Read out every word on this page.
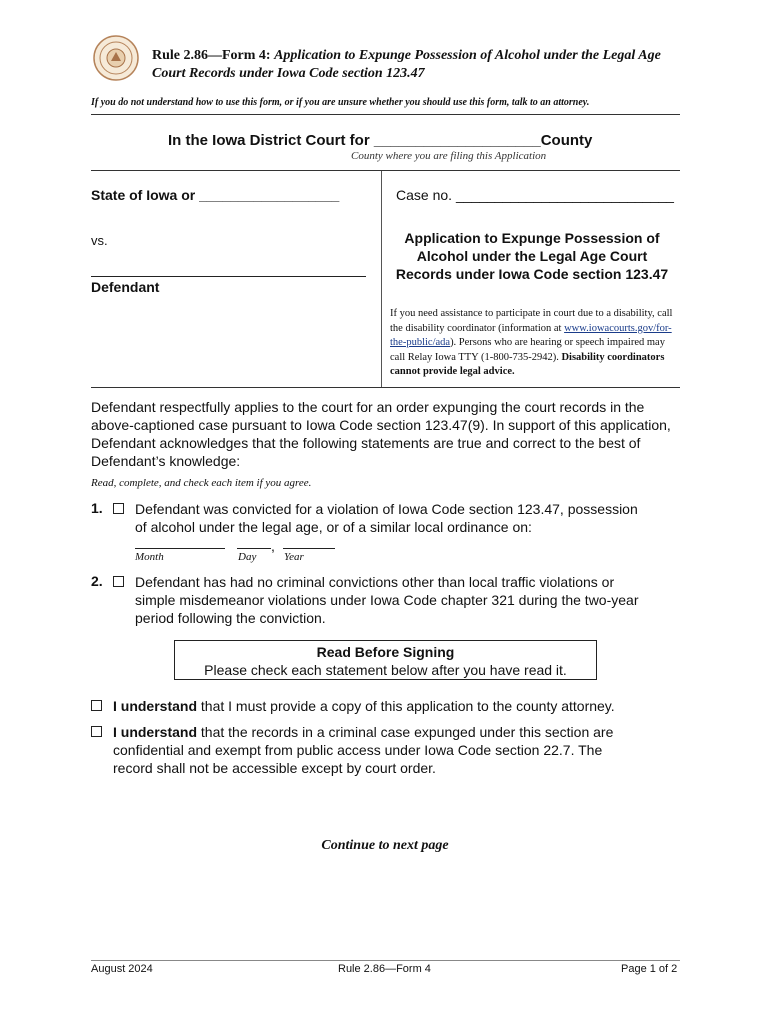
Rule 2.86—Form 4: Application to Expunge Possession of Alcohol under the Legal Age
Court Records under Iowa Code section 123.47
If you do not understand how to use this form, or if you are unsure whether you should use this form, talk to an attorney.
In the Iowa District Court for ____________________County
County where you are filing this Application
State of Iowa or __________________
vs.
Defendant
Case no. ____________________________
Application to Expunge Possession of
Alcohol under the Legal Age Court
Records under Iowa Code section 123.47
If you need assistance to participate in court due to a disability, call the disability coordinator (information at www.iowacourts.gov/for-the-public/ada). Persons who are hearing or speech impaired may call Relay Iowa TTY (1-800-735-2942). Disability coordinators cannot provide legal advice.
Defendant respectfully applies to the court for an order expunging the court records in the above-captioned case pursuant to Iowa Code section 123.47(9). In support of this application, Defendant acknowledges that the following statements are true and correct to the best of Defendant’s knowledge:
Read, complete, and check each item if you agree.
1. Defendant was convicted for a violation of Iowa Code section 123.47, possession
of alcohol under the legal age, or of a similar local ordinance on:
,
Month	Day	Year
2. Defendant has had no criminal convictions other than local traffic violations or
simple misdemeanor violations under Iowa Code chapter 321 during the two-year
period following the conviction.
Read Before Signing
Please check each statement below after you have read it.
I understand that I must provide a copy of this application to the county attorney.
I understand that the records in a criminal case expunged under this section are
confidential and exempt from public access under Iowa Code section 22.7. The
record shall not be accessible except by court order.
Continue to next page
August 2024	Rule 2.86—Form 4	Page 1 of 2
